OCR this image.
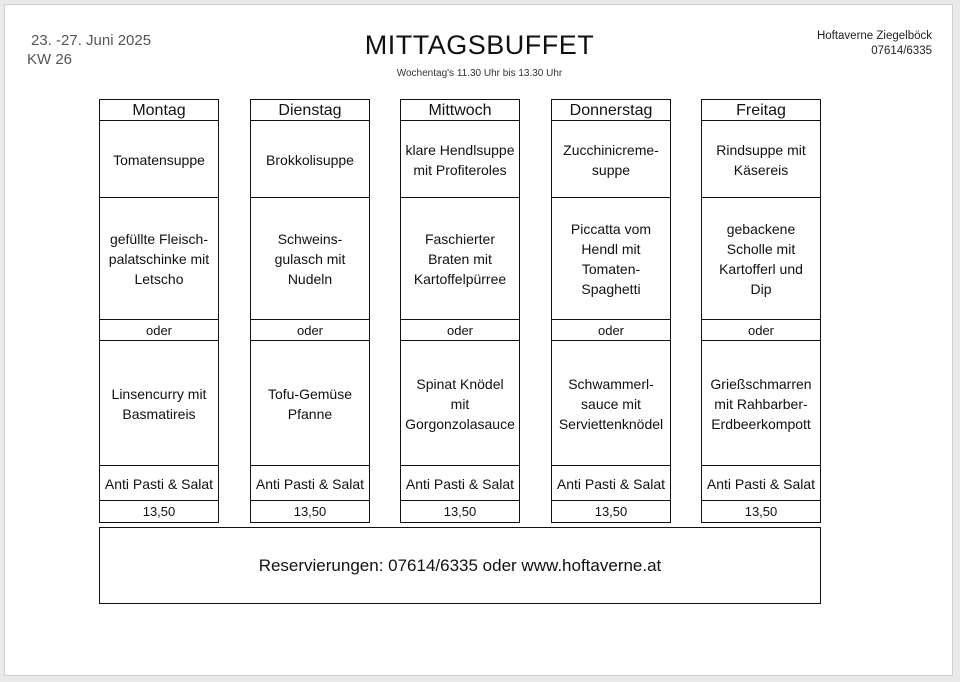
23. -27. Juni 2025
KW 26	MITTAGSBUFFET
Wochentag's 11.30 Uhr bis 13.30 Uhr
Hoftaverne Ziegelböck
07614/6335
Montag
Tomatensuppe
gefüllte Fleisch-
palatschinke mit
Letscho
oder
Linsencurry mit
Basmatireis
Anti Pasti & Salat
13,50
Dienstag
Brokkolisuppe
Schweins-
gulasch mit
Nudeln
oder
Tofu-Gemüse
Pfanne
Anti Pasti & Salat
13,50
Mittwoch
klare Hendlsuppe
mit Profiteroles
Faschierter
Braten mit
Kartoffelpürree
oder
Spinat Knödel
mit
Gorgonzolasauce
Anti Pasti & Salat
13,50
Donnerstag
Zucchinicreme-
suppe
Piccatta vom
Hendl mit
Tomaten-
Spaghetti
oder
Schwammerl-
sauce mit
Serviettenknödel
Anti Pasti & Salat
13,50
Freitag
Rindsuppe mit
Käsereis
gebackene
Scholle mit
Kartofferl und
Dip
oder
Grießschmarren
mit Rahbarber-
Erdbeerkompott
Anti Pasti & Salat
13,50
Reservierungen: 07614/6335 oder www.hoftaverne.at
